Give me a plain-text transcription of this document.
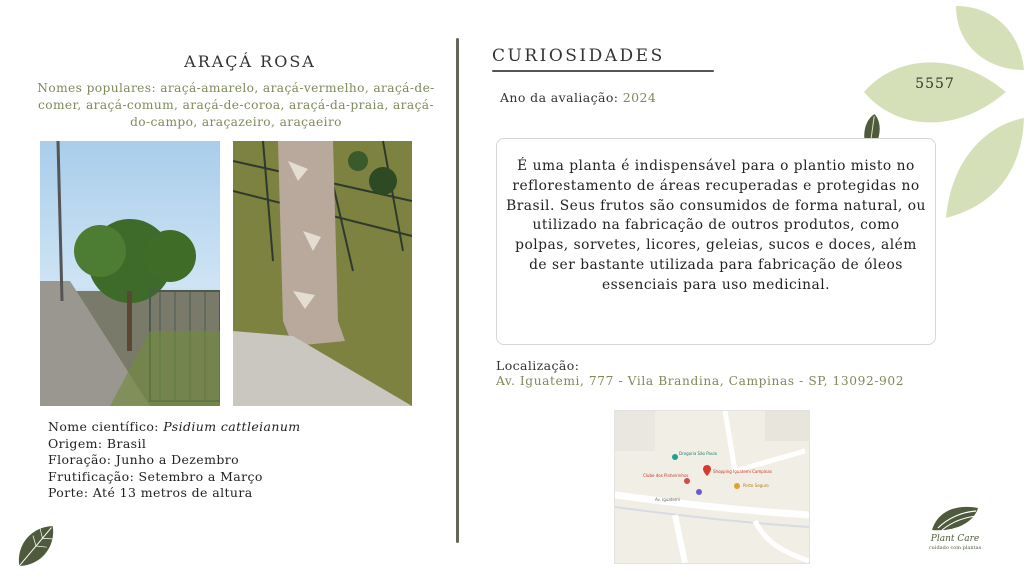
5557
ARAÇÁ ROSA
Nomes populares: araçá-amarelo, araçá-vermelho, araçá-de-comer, araçá-comum, araçá-de-coroa, araçá-da-praia, araçá-do-campo, araçazeiro, araçaeiro
Nome científico: Psidium cattleianum
Origem: Brasil
Floração: Junho a Dezembro
Frutificação: Setembro a Março
Porte: Até 13 metros de altura
CURIOSIDADES
Ano da avaliação: 2024
É uma planta é indispensável para o plantio misto no reflorestamento de áreas recuperadas e protegidas no Brasil. Seus frutos são consumidos de forma natural, ou utilizado na fabricação de outros produtos, como polpas, sorvetes, licores, geleias, sucos e doces, além de ser bastante utilizada para fabricação de óleos essenciais para uso medicinal.
Localização:
Av. Iguatemi, 777 - Vila Brandina, Campinas - SP, 13092-902
Drogaria São Paulo
Shopping Iguatemi Campinas
Clube dos Pinheirinhos
Porto Seguro
Av. Iguatemi
Plant Care
cuidado com plantas
